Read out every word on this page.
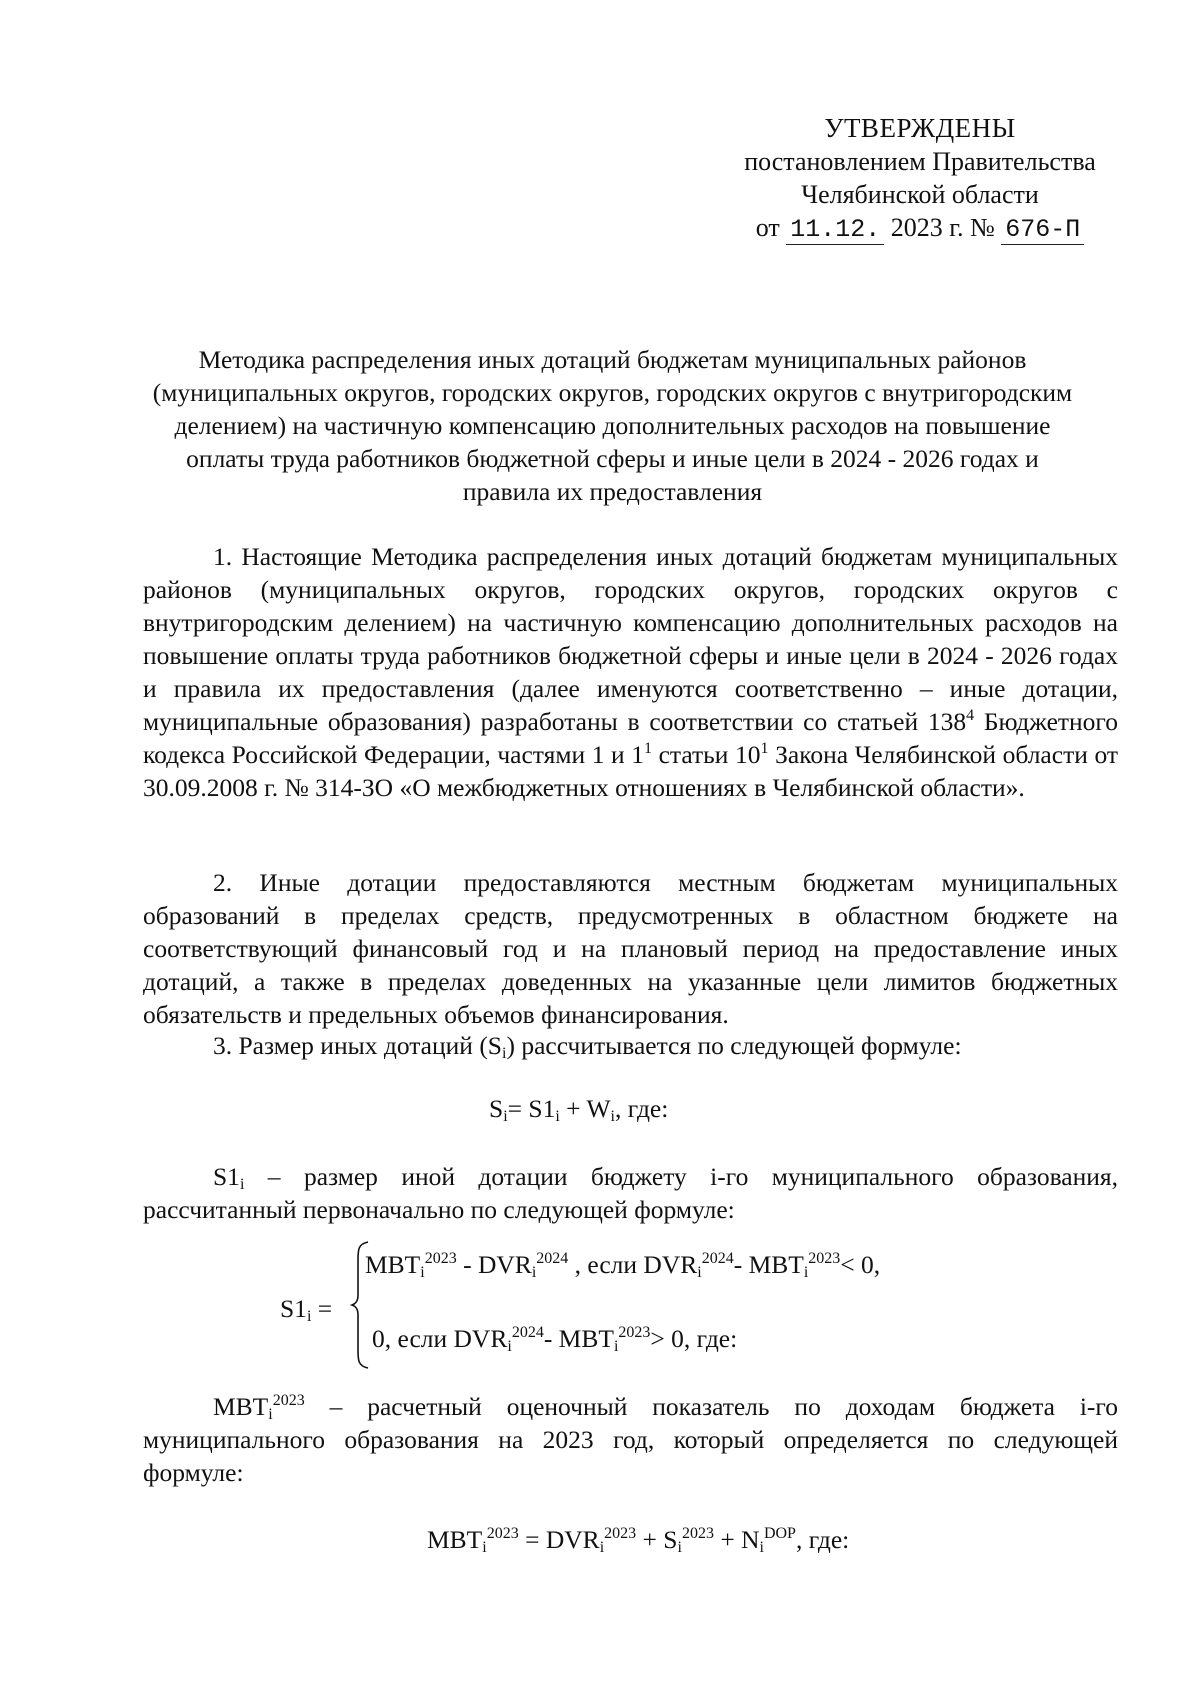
УТВЕРЖДЕНЫ
постановлением Правительства
Челябинской области
от 11.12. 2023 г. № 676-П
Методика распределения иных дотаций бюджетам муниципальных районов (муниципальных округов, городских округов, городских округов с внутригородским делением) на частичную компенсацию дополнительных расходов на повышение оплаты труда работников бюджетной сферы и иные цели в 2024 - 2026 годах и правила их предоставления
1. Настоящие Методика распределения иных дотаций бюджетам муниципальных районов (муниципальных округов, городских округов, городских округов с внутригородским делением) на частичную компенсацию дополнительных расходов на повышение оплаты труда работников бюджетной сферы и иные цели в 2024 - 2026 годах и правила их предоставления (далее именуются соответственно – иные дотации, муниципальные образования) разработаны в соответствии со статьей $138^4$ Бюджетного кодекса Российской Федерации, частями 1 и $1^1$ статьи $10^1$ Закона Челябинской области от 30.09.2008 г. № 314-ЗО «О межбюджетных отношениях в Челябинской области».
2. Иные дотации предоставляются местным бюджетам муниципальных образований в пределах средств, предусмотренных в областном бюджете на соответствующий финансовый год и на плановый период на предоставление иных дотаций, а также в пределах доведенных на указанные цели лимитов бюджетных обязательств и предельных объемов финансирования.
3. Размер иных дотаций $(S_i)$ рассчитывается по следующей формуле:
$S_i= S1_i + W_i$, где:
$S1_i$ – размер иной дотации бюджету i-го муниципального образования, рассчитанный первоначально по следующей формуле:
$S1_i$ =
$MBT_i^{2023} - DVR_i^{2024}$ , если $DVR_i^{2024}-$ $MBT_i^{2023}< 0$,
0, если $DVR_i^{2024}-$ $MBT_i^{2023}> 0$, где:
$MBT_i^{2023}$ – расчетный оценочный показатель по доходам бюджета i-го муниципального образования на 2023 год, который определяется по следующей формуле:
$MBT_i^{2023} = DVR_i^{2023} + S_i^{2023} + N_i^{DOP}$, где:
